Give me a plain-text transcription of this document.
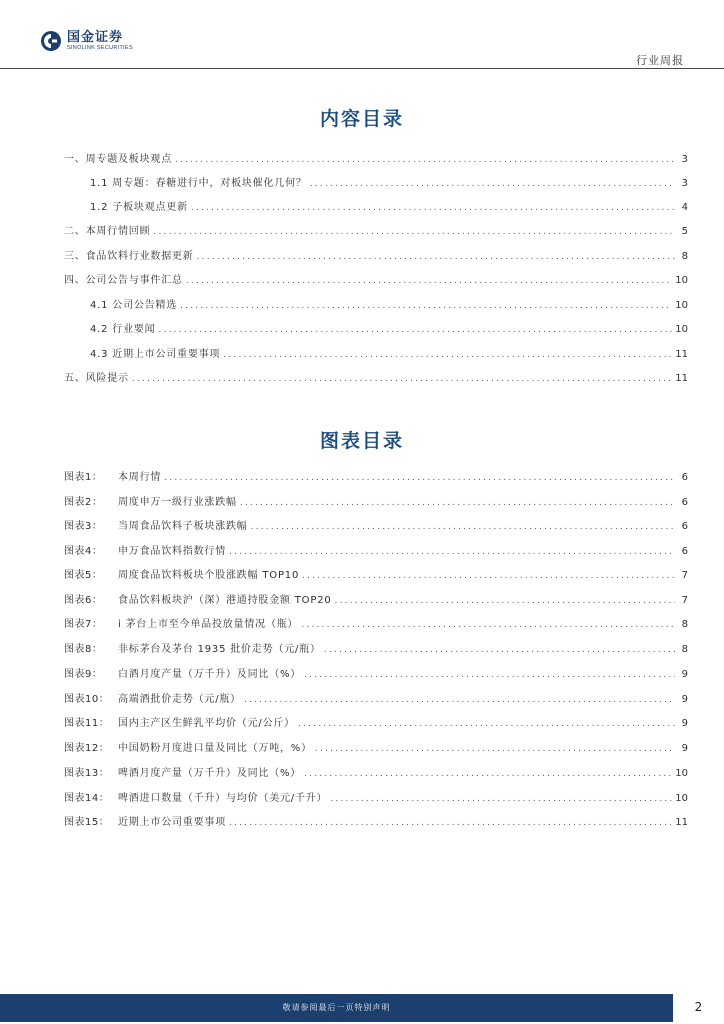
国金证券
SINOLINK SECURITIES
行业周报
内容目录
一、周专题及板块观点 .....	3
1.1 周专题：春糖进行中，对板块催化几何？ .....	3
1.2 子板块观点更新 .....	4
二、本周行情回顾 .....	5
三、食品饮料行业数据更新 .....	8
四、公司公告与事件汇总 .....	10
4.1 公司公告精选 .....	10
4.2 行业要闻 .....	10
4.3 近期上市公司重要事项 .....	11
五、风险提示 .....	11
图表目录
图表1：	本周行情 .....	6
图表2：	周度申万一级行业涨跌幅 .....	6
图表3：	当周食品饮料子板块涨跌幅 .....	6
图表4：	申万食品饮料指数行情 .....	6
图表5：	周度食品饮料板块个股涨跌幅 TOP10 .....	7
图表6：	食品饮料板块沪（深）港通持股金额 TOP20 .....	7
图表7：	i 茅台上市至今单品投放量情况（瓶） .....	8
图表8：	非标茅台及茅台 1935 批价走势（元/瓶） .....	8
图表9：	白酒月度产量（万千升）及同比（%） .....	9
图表10： 高端酒批价走势（元/瓶） .....	9
图表11： 国内主产区生鲜乳平均价（元/公斤） .....	9
图表12： 中国奶粉月度进口量及同比（万吨，%） .....	9
图表13： 啤酒月度产量（万千升）及同比（%） .....	10
图表14： 啤酒进口数量（千升）与均价（美元/千升） .....	10
图表15： 近期上市公司重要事项 .....	11
敬请参阅最后一页特别声明	2
